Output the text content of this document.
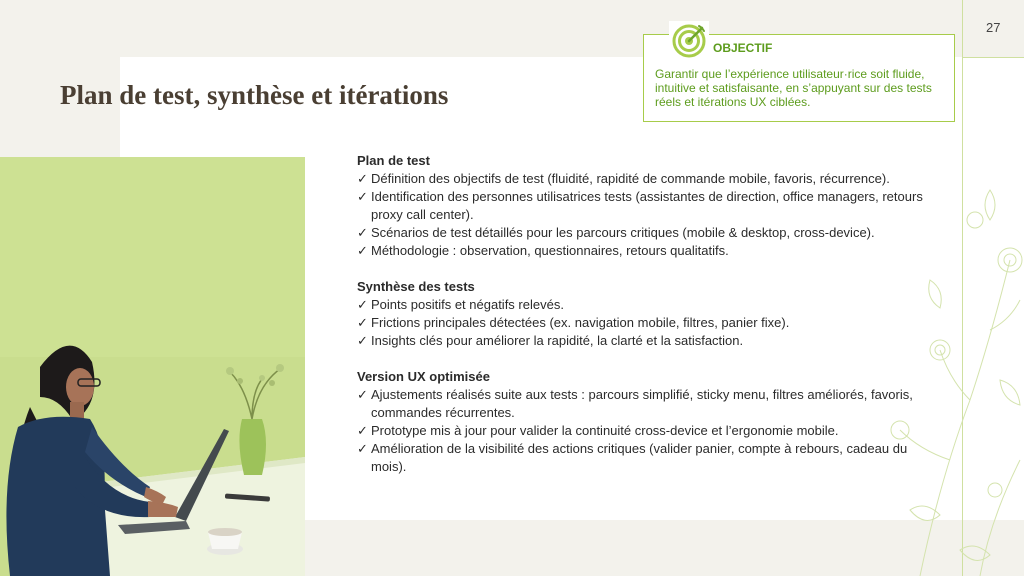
27
Plan de test, synthèse et itérations
OBJECTIF

Garantir que l’expérience utilisateur·rice soit fluide, intuitive et satisfaisante, en s’appuyant sur des tests réels et itérations UX ciblées.

Plan de test
✓ Définition des objectifs de test (fluidité, rapidité de commande mobile, favoris, récurrence).
✓ Identification des personnes utilisatrices tests (assistantes de direction, office managers, retours proxy call center).
✓ Scénarios de test détaillés pour les parcours critiques (mobile & desktop, cross-device).
✓ Méthodologie : observation, questionnaires, retours qualitatifs.
Synthèse des tests
✓ Points positifs et négatifs relevés.
✓ Frictions principales détectées (ex. navigation mobile, filtres, panier fixe).
✓ Insights clés pour améliorer la rapidité, la clarté et la satisfaction.
Version UX optimisée
✓ Ajustements réalisés suite aux tests : parcours simplifié, sticky menu, filtres améliorés, favoris, commandes récurrentes.
✓ Prototype mis à jour pour valider la continuité cross-device et l’ergonomie mobile.
✓ Amélioration de la visibilité des actions critiques (valider panier, compte à rebours, cadeau du mois).
